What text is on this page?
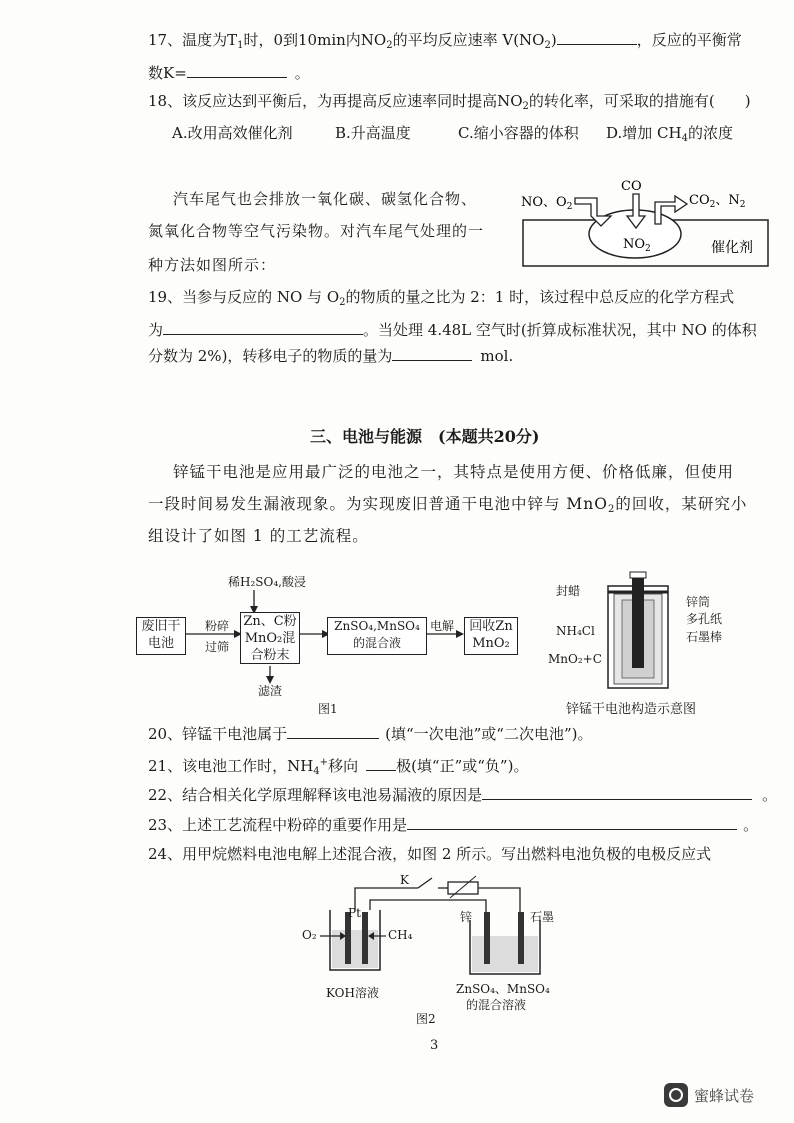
17、温度为$T_1$时，0到10min内$NO_2$的平均反应速率 $V(NO_2)$	，反应的平衡常
数K=	。
18、该反应达到平衡后，为再提高反应速率同时提高$NO_2$的转化率，可采取的措施有(　　)
A.改用高效催化剂	B.升高温度	C.缩小容器的体积 D.增加 $CH_4$的浓度
汽车尾气也会排放一氧化碳、碳氢化合物、
氮氧化合物等空气污染物。对汽车尾气处理的一
种方法如图所示：
NO、$O_2$
CO
$CO_2$、$N_2$
$NO_2$	催化剂
19、当参与反应的 NO 与 $O_2$的物质的量之比为 2：1 时，该过程中总反应的化学方程式
为	。当处理 4.48L 空气时(折算成标准状况，其中 NO 的体积
分数为 2%)，转移电子的物质的量为	mol.
三、电池与能源　(本题共20分)
锌锰干电池是应用最广泛的电池之一，其特点是使用方便、价格低廉，但使用
一段时间易发生漏液现象。为实现废旧普通干电池中锌与 MnO$_2$的回收，某研究小
组设计了如图 1 的工艺流程。
稀H₂SO₄,酸浸
废旧干电池
粉碎
过筛
Zn、C粉 MnO₂混合粉末
ZnSO₄,MnSO₄ 的混合液
电解	回收Zn MnO₂
滤渣
图1
封蜡
锌筒
多孔纸
石墨棒
NH₄Cl
MnO₂+C
锌锰干电池构造示意图
20、锌锰干电池属于	(填“一次电池”或“二次电池”)。
21、该电池工作时，$NH_4^+$移向	极(填“正”或“负”)。
22、结合相关化学原理解释该电池易漏液的原因是	。
23、上述工艺流程中粉碎的重要作用是	。
24、用甲烷燃料电池电解上述混合液，如图 2 所示。写出燃料电池负极的电极反应式
K
O₂
Pt
CH₄
KOH溶液
锌	石墨
ZnSO₄、MnSO₄
的混合溶液
图2
3
蜜蜂试卷
